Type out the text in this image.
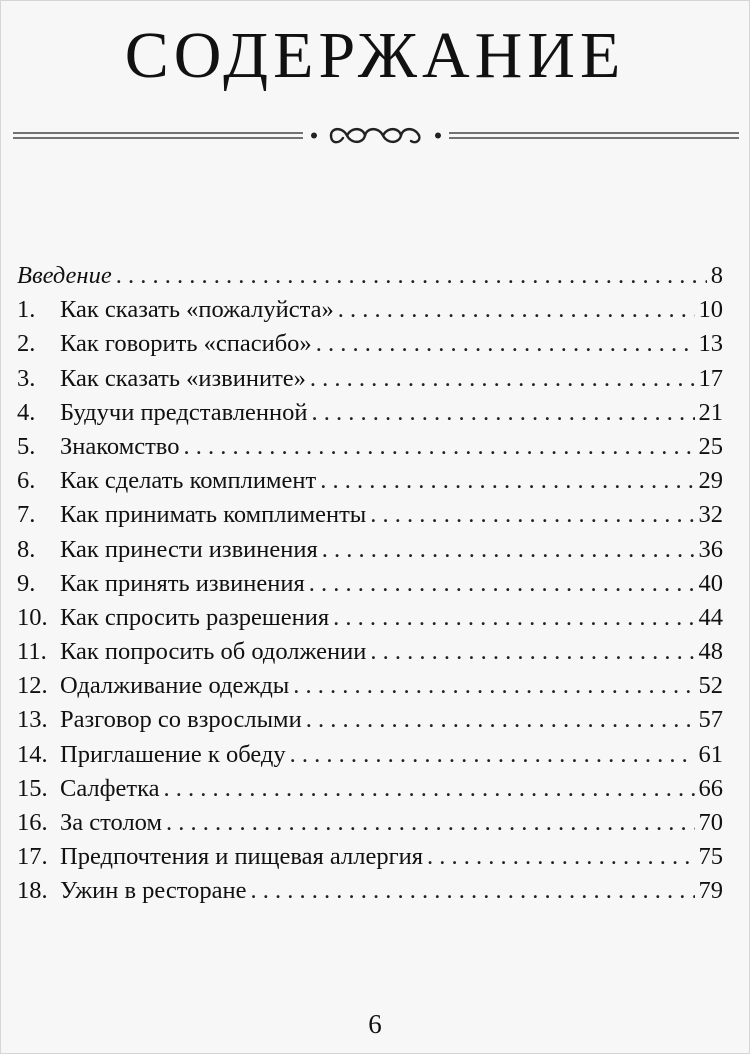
СОДЕРЖАНИЕ
Введение . . .	8
1.	Как сказать «пожалуйста» . . .	10
2.	Как говорить «спасибо» . . .	13
3.	Как сказать «извините» . . .	17
4.	Будучи представленной . . .	21
5.	Знакомство . . .	25
6.	Как сделать комплимент . . .	29
7.	Как принимать комплименты . . .	32
8.	Как принести извинения . . .	36
9.	Как принять извинения . . .	40
10. Как спросить разрешения . . .	44
11. Как попросить об одолжении . . .	48
12. Одалживание одежды . . .	52
13. Разговор со взрослыми . . .	57
14. Приглашение к обеду . . .	61
15. Салфетка . . .	66
16. За столом . . .	70
17. Предпочтения и пищевая аллергия . . .	75
18. Ужин в ресторане . . .	79
6
